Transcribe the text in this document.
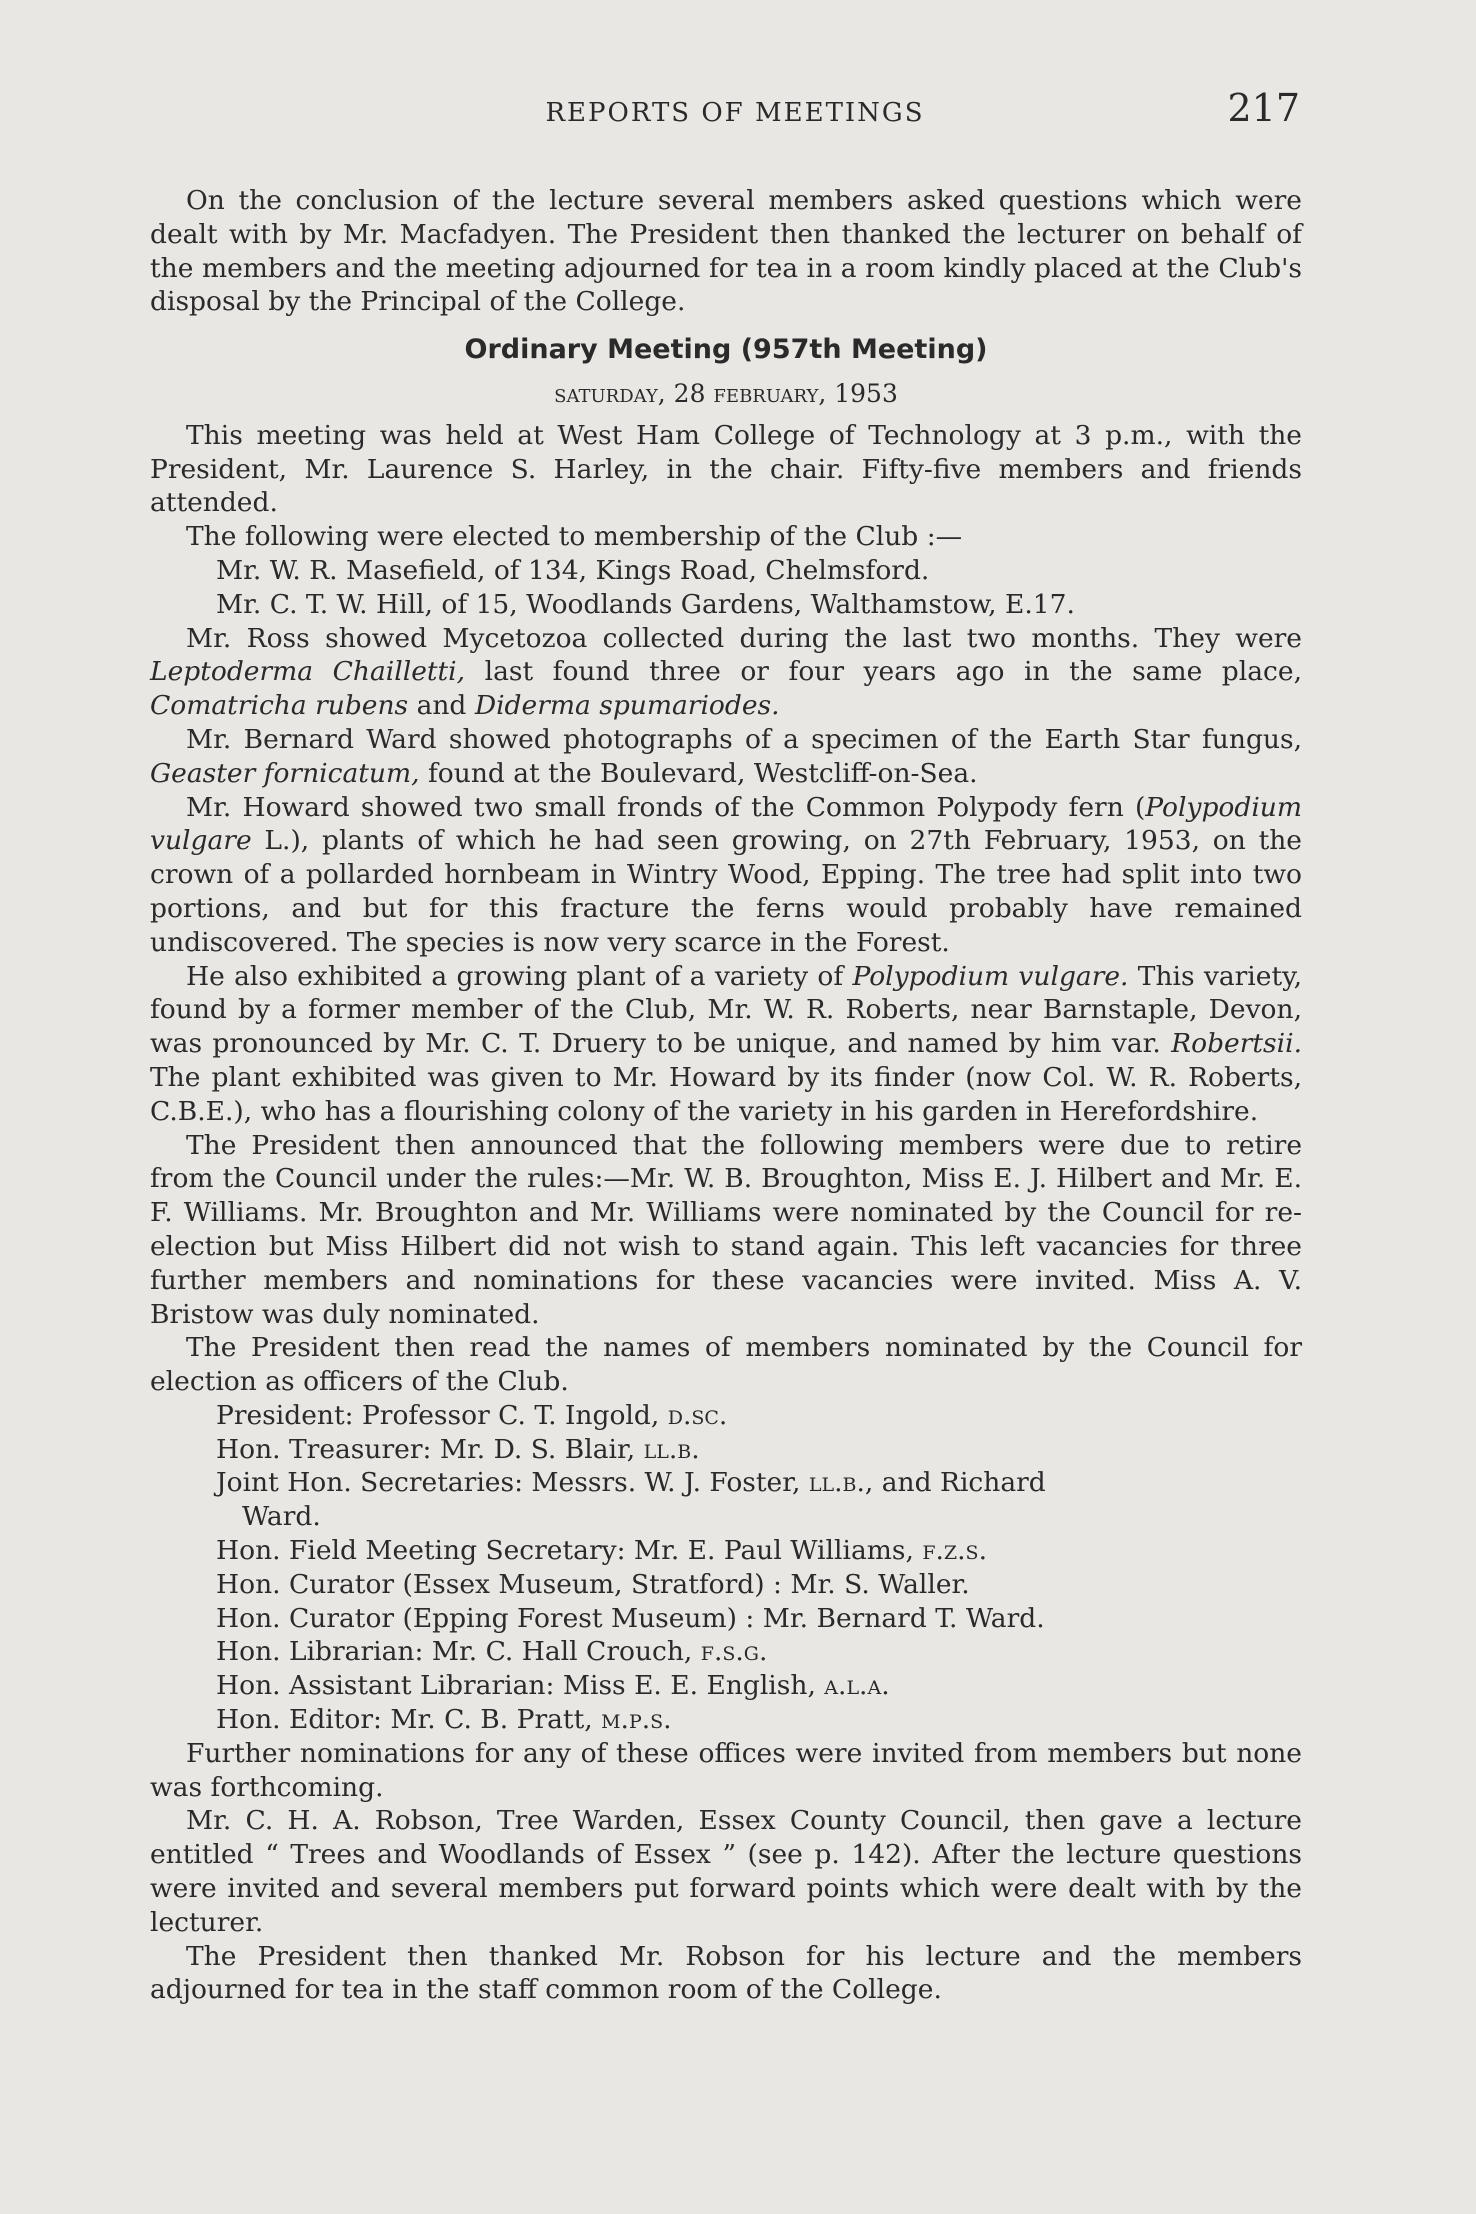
REPORTS OF MEETINGS	217

On the conclusion of the lecture several members asked questions which were dealt with by Mr. Macfadyen. The President then thanked the lecturer on behalf of the members and the meeting adjourned for tea in a room kindly placed at the Club's disposal by the Principal of the College.

Ordinary Meeting (957th Meeting)
saturday, 28 february, 1953

This meeting was held at West Ham College of Technology at 3 p.m., with the President, Mr. Laurence S. Harley, in the chair. Fifty-five members and friends attended.

The following were elected to membership of the Club :—

Mr. W. R. Masefield, of 134, Kings Road, Chelmsford.
Mr. C. T. W. Hill, of 15, Woodlands Gardens, Walthamstow, E.17.

Mr. Ross showed Mycetozoa collected during the last two months. They were Leptoderma Chailletti, last found three or four years ago in the same place, Comatricha rubens and Diderma spumariodes.

Mr. Bernard Ward showed photographs of a specimen of the Earth Star fungus, Geaster fornicatum, found at the Boulevard, Westcliff-on-Sea.

Mr. Howard showed two small fronds of the Common Polypody fern (Polypodium vulgare L.), plants of which he had seen growing, on 27th February, 1953, on the crown of a pollarded hornbeam in Wintry Wood, Epping. The tree had split into two portions, and but for this fracture the ferns would probably have remained undiscovered. The species is now very scarce in the Forest.

He also exhibited a growing plant of a variety of Polypodium vulgare. This variety, found by a former member of the Club, Mr. W. R. Roberts, near Barnstaple, Devon, was pronounced by Mr. C. T. Druery to be unique, and named by him var. Robertsii. The plant exhibited was given to Mr. Howard by its finder (now Col. W. R. Roberts, C.B.E.), who has a flourishing colony of the variety in his garden in Herefordshire.

The President then announced that the following members were due to retire from the Council under the rules:—Mr. W. B. Broughton, Miss E. J. Hilbert and Mr. E. F. Williams. Mr. Broughton and Mr. Williams were nominated by the Council for re-election but Miss Hilbert did not wish to stand again. This left vacancies for three further members and nominations for these vacancies were invited. Miss A. V. Bristow was duly nominated.

The President then read the names of members nominated by the Council for election as officers of the Club.

President: Professor C. T. Ingold, d.sc.
Hon. Treasurer: Mr. D. S. Blair, ll.b.
Joint Hon. Secretaries: Messrs. W. J. Foster, ll.b., and Richard
Ward.
Hon. Field Meeting Secretary: Mr. E. Paul Williams, f.z.s.
Hon. Curator (Essex Museum, Stratford) : Mr. S. Waller.
Hon. Curator (Epping Forest Museum) : Mr. Bernard T. Ward.
Hon. Librarian: Mr. C. Hall Crouch, f.s.g.
Hon. Assistant Librarian: Miss E. E. English, a.l.a.
Hon. Editor: Mr. C. B. Pratt, m.p.s.

Further nominations for any of these offices were invited from members but none was forthcoming.

Mr. C. H. A. Robson, Tree Warden, Essex County Council, then gave a lecture entitled “ Trees and Woodlands of Essex ” (see p. 142). After the lecture questions were invited and several members put forward points which were dealt with by the lecturer.

The President then thanked Mr. Robson for his lecture and the members adjourned for tea in the staff common room of the College.
